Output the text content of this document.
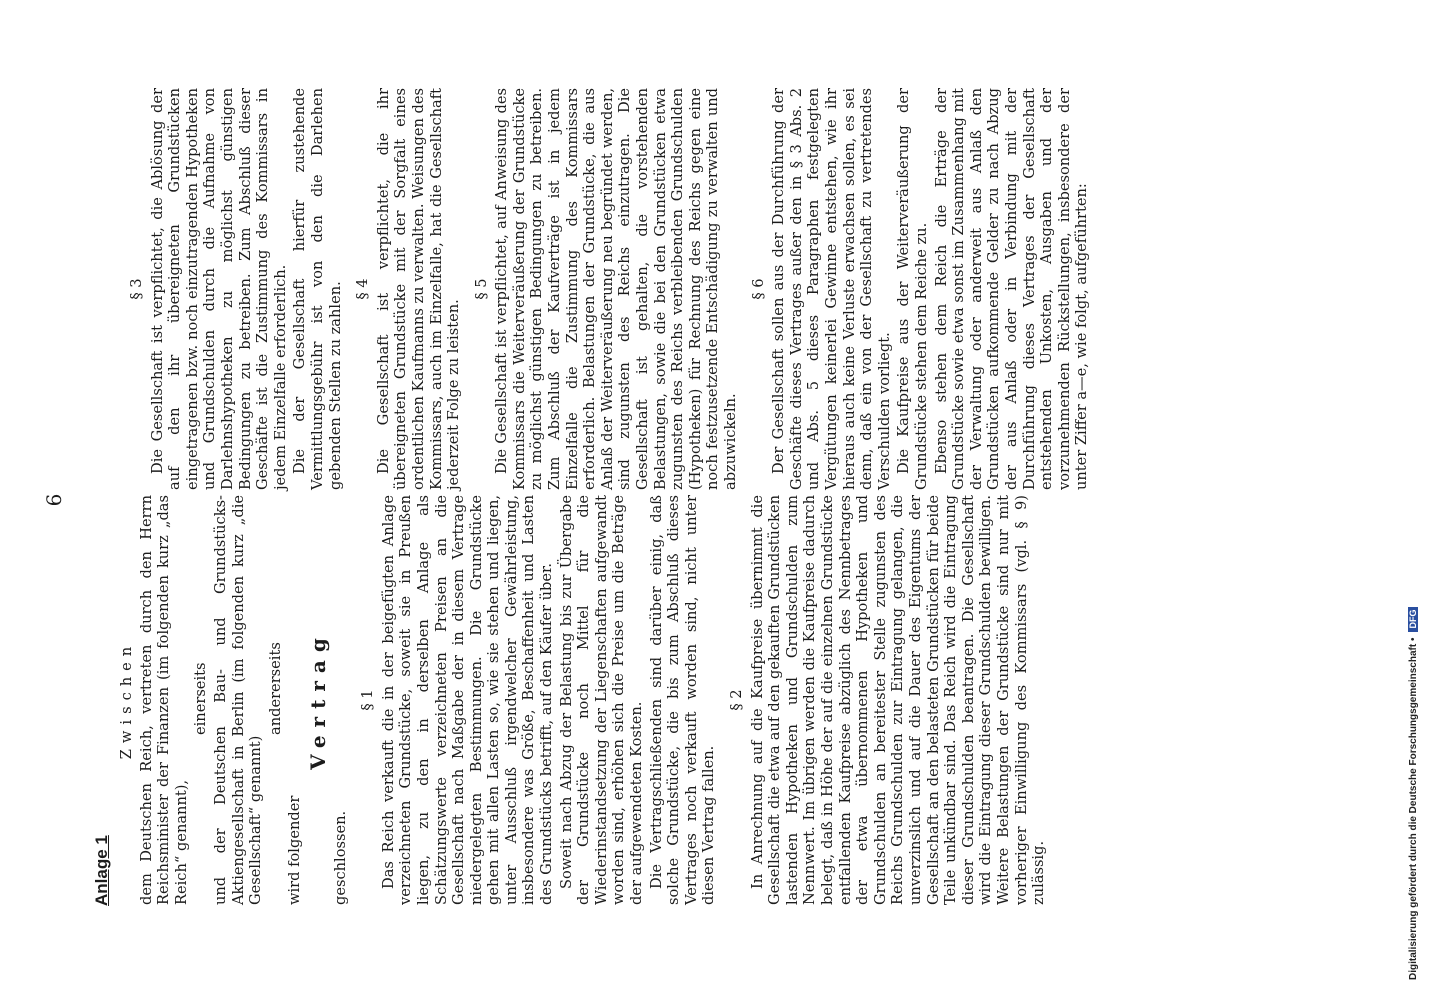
6
Anlage 1

Zwischen dem Deutschen Reich, vertreten durch den Herrn Reichsminister der Finanzen (im folgenden kurz „das Reich“ genannt),

einerseits und der Deutschen Bau- und Grundstücks-Aktiengesellschaft in Berlin (im folgenden kurz „die Gesellschaft“ genannt)

andererseits

wird folgender

Vertrag

geschlossen.

§ 1 Das Reich verkauft die in der beigefügten Anlage verzeichneten Grundstücke, soweit sie in Preußen liegen, zu den in derselben Anlage als Schätzungswerte verzeichneten Preisen an die Gesellschaft nach Maßgabe der in diesem Vertrage niedergelegten Bestimmungen. Die Grundstücke gehen mit allen Lasten so, wie sie stehen und liegen, unter Ausschluß irgendwelcher Gewährleistung, insbesondere was Größe, Beschaffenheit und Lasten des Grundstücks betrifft, auf den Käufer über. Soweit nach Abzug der Belastung bis zur Übergabe der Grundstücke noch Mittel für die Wiederinstandsetzung der Liegenschaften aufgewandt worden sind, erhöhen sich die Preise um die Beträge der aufgewendeten Kosten. Die Vertragschließenden sind darüber einig, daß solche Grundstücke, die bis zum Abschluß dieses Vertrages noch verkauft worden sind, nicht unter diesen Vertrag fallen.

§ 2 In Anrechnung auf die Kaufpreise übernimmt die Gesellschaft die etwa auf den gekauften Grundstücken lastenden Hypotheken und Grundschulden zum Nennwert. Im übrigen werden die Kaufpreise dadurch belegt, daß in Höhe der auf die einzelnen Grundstücke entfallenden Kaufpreise abzüglich des Nennbetrages der etwa übernommenen Hypotheken und Grundschulden an bereitester Stelle zugunsten des Reichs Grundschulden zur Eintragung gelangen, die unverzinslich und auf die Dauer des Eigentums der Gesellschaft an den belasteten Grundstücken für beide Teile unkündbar sind. Das Reich wird die Eintragung dieser Grundschulden beantragen. Die Gesellschaft wird die Eintragung dieser Grundschulden bewilligen. Weitere Belastungen der Grundstücke sind nur mit vorheriger Einwilligung des Kommissars (vgl. § 9) zulässig.

§ 3 Die Gesellschaft ist verpflichtet, die Ablösung der auf den ihr übereigneten Grundstücken eingetragenen bzw. noch einzutragenden Hypotheken und Grundschulden durch die Aufnahme von Darlehnshypotheken zu möglichst günstigen Bedingungen zu betreiben. Zum Abschluß dieser Geschäfte ist die Zustimmung des Kommissars in jedem Einzelfalle erforderlich. Die der Gesellschaft hierfür zustehende Vermittlungsgebühr ist von den die Darlehen gebenden Stellen zu zahlen. § 4 Die Gesellschaft ist verpflichtet, die ihr übereigneten Grundstücke mit der Sorgfalt eines ordentlichen Kaufmanns zu verwalten. Weisungen des Kommissars, auch im Einzelfalle, hat die Gesellschaft jederzeit Folge zu leisten.

§ 5 Die Gesellschaft ist verpflichtet, auf Anweisung des Kommissars die Weiterveräußerung der Grundstücke zu möglichst günstigen Bedingungen zu betreiben. Zum Abschluß der Kaufverträge ist in jedem Einzelfalle die Zustimmung des Kommissars erforderlich. Belastungen der Grundstücke, die aus Anlaß der Weiterveräußerung neu begründet werden, sind zugunsten des Reichs einzutragen. Die Gesellschaft ist gehalten, die vorstehenden Belastungen, sowie die bei den Grundstücken etwa zugunsten des Reichs verbleibenden Grundschulden (Hypotheken) für Rechnung des Reichs gegen eine noch festzusetzende Entschädigung zu verwalten und abzuwickeln.

§ 6 Der Gesellschaft sollen aus der Durchführung der Geschäfte dieses Vertrages außer den in § 3 Abs. 2 und Abs. 5 dieses Paragraphen festgelegten Vergütungen keinerlei Gewinne entstehen, wie ihr hieraus auch keine Verluste erwachsen sollen, es sei denn, daß ein von der Gesellschaft zu vertretendes Verschulden vorliegt. Die Kaufpreise aus der Weiterveräußerung der Grundstücke stehen dem Reiche zu. Ebenso stehen dem Reich die Erträge der Grundstücke sowie etwa sonst im Zusammenhang mit der Verwaltung oder anderweit aus Anlaß den Grundstücken aufkommende Gelder zu nach Abzug der aus Anlaß oder in Verbindung mit der Durchführung dieses Vertrages der Gesellschaft entstehenden Unkosten, Ausgaben und der vorzunehmenden Rückstellungen, insbesondere der unter Ziffer a—e, wie folgt, aufgeführten:

Digitalisierung gefördert durch die Deutsche Forschungsgemeinschaft •DFG
